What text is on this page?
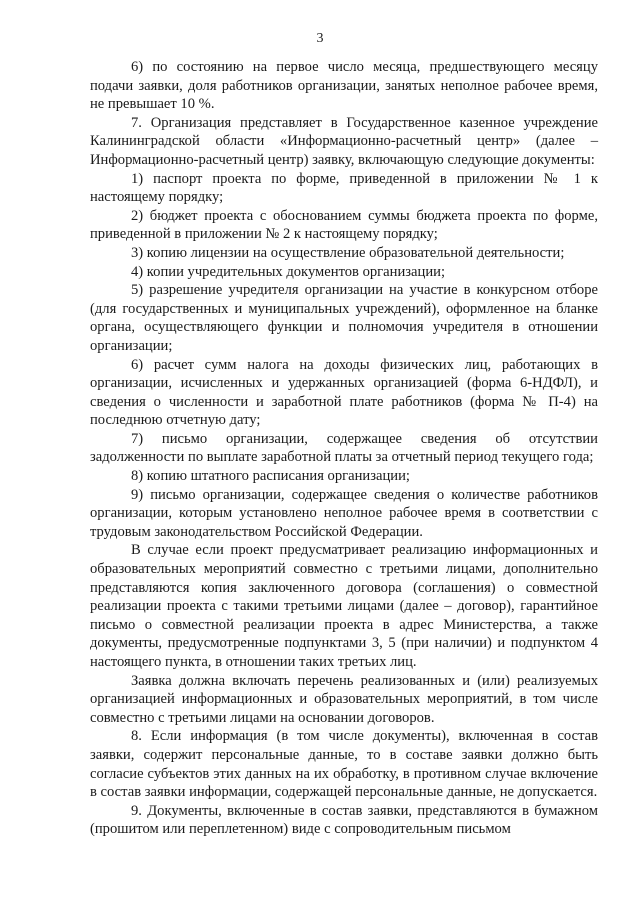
3

6) по состоянию на первое число месяца, предшествующего месяцу подачи заявки, доля работников организации, занятых неполное рабочее время, не превышает 10 %.

7. Организация представляет в Государственное казенное учреждение Калининградской области «Информационно-расчетный центр» (далее – Информационно-расчетный центр) заявку, включающую следующие документы:

1) паспорт проекта по форме, приведенной в приложении № 1 к настоящему порядку;

2) бюджет проекта с обоснованием суммы бюджета проекта по форме, приведенной в приложении № 2 к настоящему порядку;

3) копию лицензии на осуществление образовательной деятельности;

4) копии учредительных документов организации;

5) разрешение учредителя организации на участие в конкурсном отборе (для государственных и муниципальных учреждений), оформленное на бланке органа, осуществляющего функции и полномочия учредителя в отношении организации;

6) расчет сумм налога на доходы физических лиц, работающих в организации, исчисленных и удержанных организацией (форма 6-НДФЛ), и сведения о численности и заработной плате работников (форма № П-4) на последнюю отчетную дату;

7) письмо организации, содержащее сведения об отсутствии задолженности по выплате заработной платы за отчетный период текущего года;

8) копию штатного расписания организации;

9) письмо организации, содержащее сведения о количестве работников организации, которым установлено неполное рабочее время в соответствии с трудовым законодательством Российской Федерации.

В случае если проект предусматривает реализацию информационных и образовательных мероприятий совместно с третьими лицами, дополнительно представляются копия заключенного договора (соглашения) о совместной реализации проекта с такими третьими лицами (далее – договор), гарантийное письмо о совместной реализации проекта в адрес Министерства, а также документы, предусмотренные подпунктами 3, 5 (при наличии) и подпунктом 4 настоящего пункта, в отношении таких третьих лиц.

Заявка должна включать перечень реализованных и (или) реализуемых организацией информационных и образовательных мероприятий, в том числе совместно с третьими лицами на основании договоров.

8. Если информация (в том числе документы), включенная в состав заявки, содержит персональные данные, то в составе заявки должно быть согласие субъектов этих данных на их обработку, в противном случае включение в состав заявки информации, содержащей персональные данные, не допускается.

9. Документы, включенные в состав заявки, представляются в бумажном (прошитом или переплетенном) виде с сопроводительным письмом
